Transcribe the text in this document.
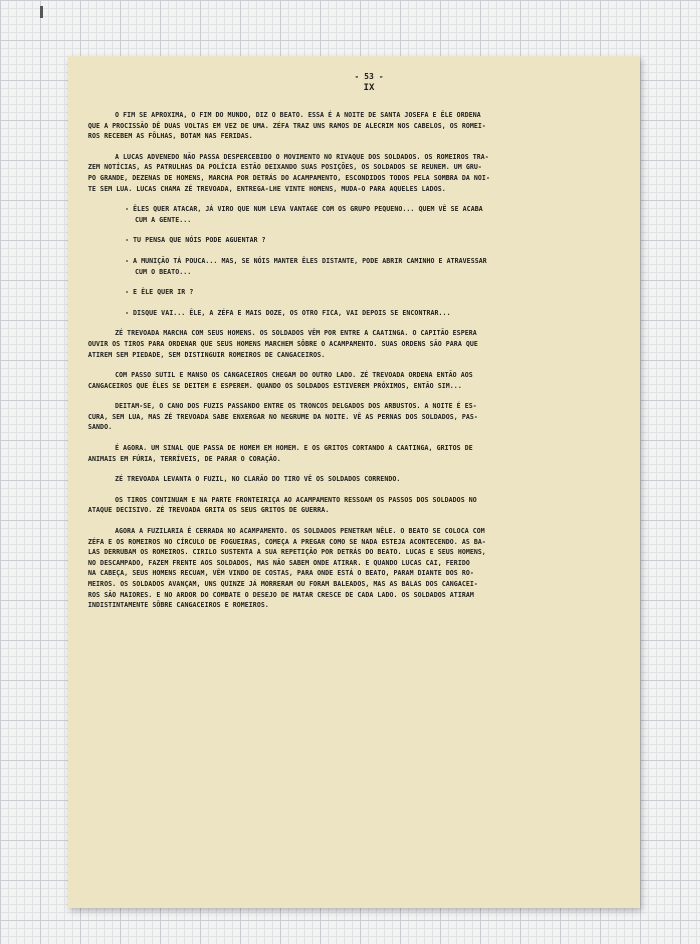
- 53 -
IX
O FIM SE APROXIMA, O FIM DO MUNDO, DIZ O BEATO. ESSA É A NOITE DE SANTA JOSEFA E ÊLE ORDENA
QUE A PROCISSÃO DÊ DUAS VOLTAS EM VEZ DE UMA. ZÉFA TRAZ UNS RAMOS DE ALECRIM NOS CABELOS, OS ROMEI-
ROS RECEBEM AS FÔLHAS, BOTAM NAS FERIDAS.
A LUCAS ADVENEDO NÃO PASSA DESPERCEBIDO O MOVIMENTO NO RIVAQUE DOS SOLDADOS. OS ROMEIROS TRA-
ZEM NOTÍCIAS, AS PATRULHAS DA POLÍCIA ESTÃO DEIXANDO SUAS POSIÇÕES, OS SOLDADOS SE REUNEM. UM GRU-
PO GRANDE, DEZENAS DE HOMENS, MARCHA POR DETRÁS DO ACAMPAMENTO, ESCONDIDOS TODOS PELA SOMBRA DA NOI-
TE SEM LUA. LUCAS CHAMA ZÉ TREVOADA, ENTREGA-LHE VINTE HOMENS, MUDA-O PARA AQUELES LADOS.
- ÊLES QUER ATACAR, JÁ VIRO QUE NUM LEVA VANTAGE COM OS GRUPO PEQUENO... QUEM VÊ SE ACABA
CUM A GENTE...
- TU PENSA QUE NÓIS PODE AGUENTAR ?
- A MUNIÇÃO TÁ POUCA... MAS, SE NÓIS MANTER ÊLES DISTANTE, PODE ABRIR CAMINHO E ATRAVESSAR
CUM O BEATO...
- E ÊLE QUER IR ?
- DISQUE VAI... ÊLE, A ZÉFA E MAIS DOZE, OS OTRO FICA, VAI DEPOIS SE ENCONTRAR...
ZÉ TREVOADA MARCHA COM SEUS HOMENS. OS SOLDADOS VÊM POR ENTRE A CAATINGA. O CAPITÃO ESPERA
OUVIR OS TIROS PARA ORDENAR QUE SEUS HOMENS MARCHEM SÔBRE O ACAMPAMENTO. SUAS ORDENS SÃO PARA QUE
ATIREM SEM PIEDADE, SEM DISTINGUIR ROMEIROS DE CANGACEIROS.
COM PASSO SUTIL E MANSO OS CANGACEIROS CHEGAM DO OUTRO LADO. ZÉ TREVOADA ORDENA ENTÃO AOS
CANGACEIROS QUE ÊLES SE DEITEM E ESPEREM. QUANDO OS SOLDADOS ESTIVEREM PRÓXIMOS, ENTÃO SIM...
DEITAM-SE, O CANO DOS FUZIS PASSANDO ENTRE OS TRONCOS DELGADOS DOS ARBUSTOS. A NOITE É ES-
CURA, SEM LUA, MAS ZÉ TREVOADA SABE ENXERGAR NO NEGRUME DA NOITE. VÊ AS PERNAS DOS SOLDADOS, PAS-
SANDO.
É AGORA. UM SINAL QUE PASSA DE HOMEM EM HOMEM. E OS GRITOS CORTANDO A CAATINGA, GRITOS DE
ANIMAIS EM FÚRIA, TERRÍVEIS, DE PARAR O CORAÇÃO.
ZÉ TREVOADA LEVANTA O FUZIL, NO CLARÃO DO TIRO VÊ OS SOLDADOS CORRENDO.
OS TIROS CONTINUAM E NA PARTE FRONTEIRIÇA AO ACAMPAMENTO RESSOAM OS PASSOS DOS SOLDADOS NO
ATAQUE DECISIVO. ZÉ TREVOADA GRITA OS SEUS GRITOS DE GUERRA.
AGORA A FUZILARIA É CERRADA NO ACAMPAMENTO. OS SOLDADOS PENETRAM NÊLE. O BEATO SE COLOCA COM
ZÉFA E OS ROMEIROS NO CÍRCULO DE FOGUEIRAS, COMEÇA A PREGAR COMO SE NADA ESTEJA ACONTECENDO. AS BA-
LAS DERRUBAM OS ROMEIROS. CIRILO SUSTENTA A SUA REPETIÇÃO POR DETRÁS DO BEATO. LUCAS E SEUS HOMENS,
NO DESCAMPADO, FAZEM FRENTE AOS SOLDADOS, MAS NÃO SABEM ONDE ATIRAR. E QUANDO LUCAS CAI, FERIDO
NA CABEÇA, SEUS HOMENS RECUAM, VÊM VINDO DE COSTAS, PARA ONDE ESTÁ O BEATO, PARAM DIANTE DOS RO-
MEIROS. OS SOLDADOS AVANÇAM, UNS QUINZE JÁ MORRERAM OU FORAM BALEADOS, MAS AS BALAS DOS CANGACEI-
ROS SÃO MAIORES. E NO ARDOR DO COMBATE O DESEJO DE MATAR CRESCE DE CADA LADO. OS SOLDADOS ATIRAM
INDISTINTAMENTE SÔBRE CANGACEIROS E ROMEIROS.
